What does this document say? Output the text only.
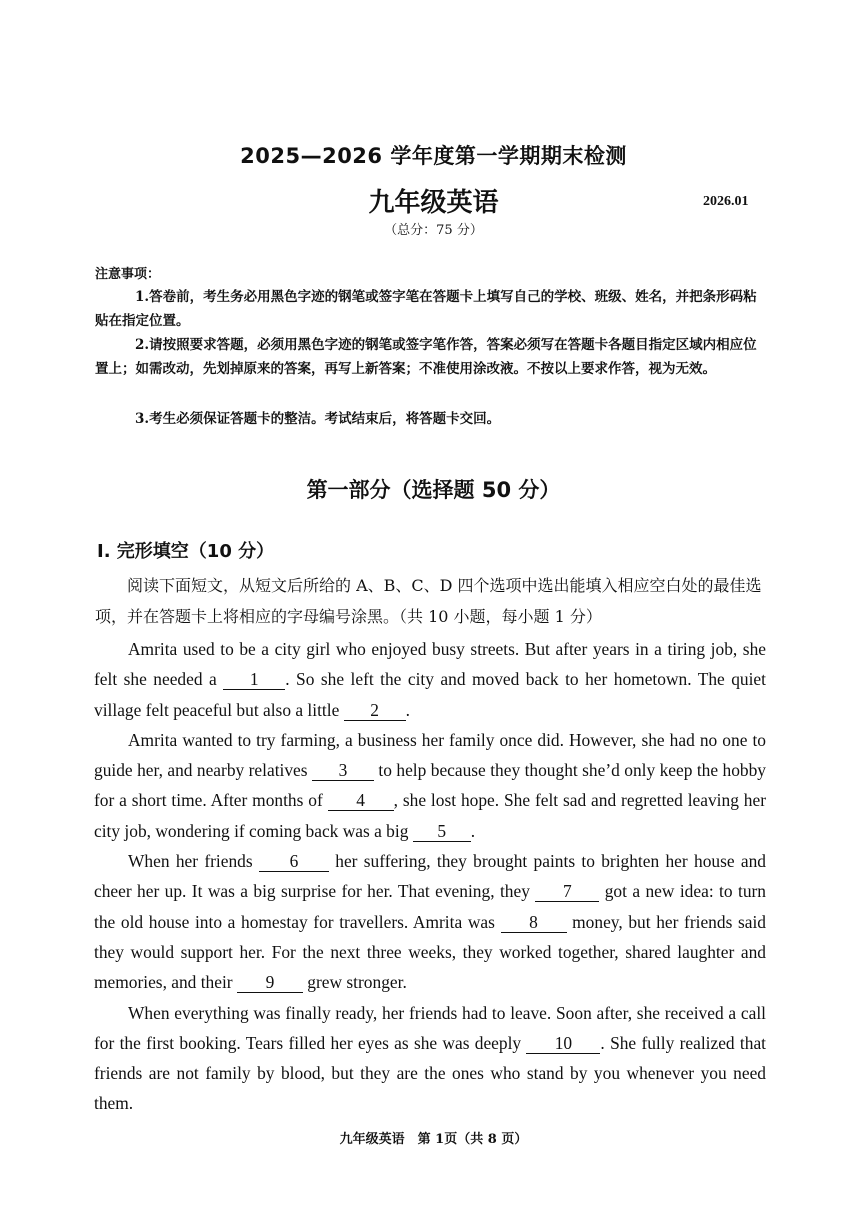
2025—2026 学年度第一学期期末检测
九年级英语	2026.01
（总分：75 分）
注意事项：
1.答卷前，考生务必用黑色字迹的钢笔或签字笔在答题卡上填写自己的学校、班级、姓名，并把条形码粘贴在指定位置。
2.请按照要求答题，必须用黑色字迹的钢笔或签字笔作答，答案必须写在答题卡各题目指定区域内相应位置上；如需改动，先划掉原来的答案，再写上新答案；不准使用涂改液。不按以上要求作答，视为无效。
3.考生必须保证答题卡的整洁。考试结束后，将答题卡交回。
第一部分（选择题 50 分）
Ⅰ. 完形填空（10 分）
阅读下面短文，从短文后所给的 A、B、C、D 四个选项中选出能填入相应空白处的最佳选项，并在答题卡上将相应的字母编号涂黑。（共 10 小题，每小题 1 分）

Amrita used to be a city girl who enjoyed busy streets. But after years in a tiring job, she felt she needed a 1 . So she left the city and moved back to her hometown. The quiet village felt peaceful but also a little 2 .

Amrita wanted to try farming, a business her family once did. However, she had no one to guide her, and nearby relatives 3 to help because they thought she’d only keep the hobby for a short time. After months of 4 , she lost hope. She felt sad and regretted leaving her city job, wondering if coming back was a big 5 .

When her friends 6 her suffering, they brought paints to brighten her house and cheer her up. It was a big surprise for her. That evening, they 7 got a new idea: to turn the old house into a homestay for travellers. Amrita was 8 money, but her friends said they would support her. For the next three weeks, they worked together, shared laughter and memories, and their 9 grew stronger.

When everything was finally ready, her friends had to leave. Soon after, she received a call for the first booking. Tears filled her eyes as she was deeply 10 . She fully realized that friends are not family by blood, but they are the ones who stand by you whenever you need them.

九年级英语　第 1页（共 8 页）
